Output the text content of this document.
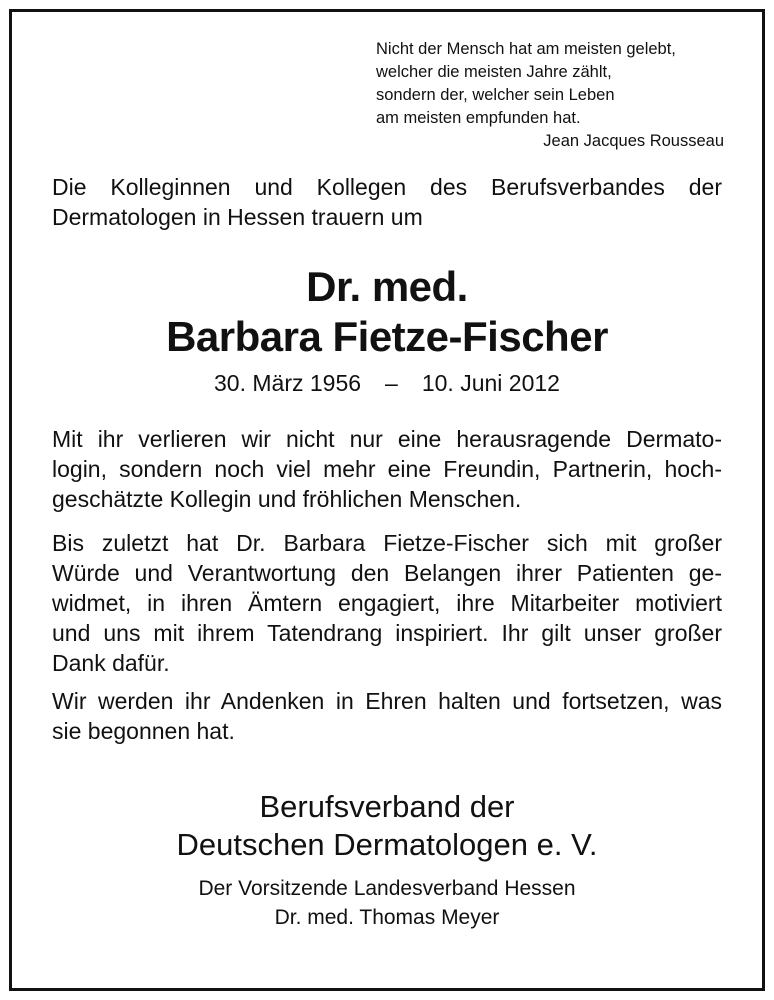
Nicht der Mensch hat am meisten gelebt,
welcher die meisten Jahre zählt,
sondern der, welcher sein Leben
am meisten empfunden hat.
Jean Jacques Rousseau
Die Kolleginnen und Kollegen des Berufsverbandes der
Dermatologen in Hessen trauern um
Dr. med.
Barbara Fietze-Fischer
30. März 1956 – 10. Juni 2012
Mit ihr verlieren wir nicht nur eine herausragende Dermato-
login, sondern noch viel mehr eine Freundin, Partnerin, hoch-
geschätzte Kollegin und fröhlichen Menschen.
Bis zuletzt hat Dr. Barbara Fietze-Fischer sich mit großer
Würde und Verantwortung den Belangen ihrer Patienten ge-
widmet, in ihren Ämtern engagiert, ihre Mitarbeiter motiviert
und uns mit ihrem Tatendrang inspiriert. Ihr gilt unser großer
Dank dafür.
Wir werden ihr Andenken in Ehren halten und fortsetzen, was
sie begonnen hat.
Berufsverband der
Deutschen Dermatologen e. V.
Der Vorsitzende Landesverband Hessen
Dr. med. Thomas Meyer
